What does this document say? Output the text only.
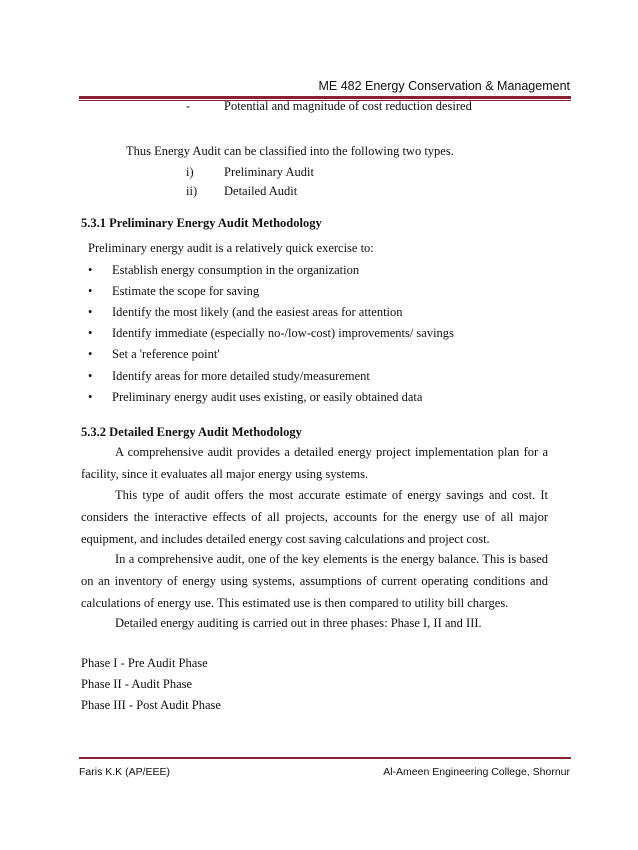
ME 482 Energy Conservation & Management
-	Potential and magnitude of cost reduction desired
Thus Energy Audit can be classified into the following two types.
i) Preliminary Audit
ii) Detailed Audit
5.3.1 Preliminary Energy Audit Methodology
Preliminary energy audit is a relatively quick exercise to:
• Establish energy consumption in the organization
• Estimate the scope for saving
• Identify the most likely (and the easiest areas for attention
• Identify immediate (especially no-/low-cost) improvements/ savings
• Set a 'reference point'
• Identify areas for more detailed study/measurement
• Preliminary energy audit uses existing, or easily obtained data
5.3.2 Detailed Energy Audit Methodology

A comprehensive audit provides a detailed energy project implementation plan for a facility, since it evaluates all major energy using systems.

This type of audit offers the most accurate estimate of energy savings and cost. It considers the interactive effects of all projects, accounts for the energy use of all major equipment, and includes detailed energy cost saving calculations and project cost.

In a comprehensive audit, one of the key elements is the energy balance. This is based on an inventory of energy using systems, assumptions of current operating conditions and calculations of energy use. This estimated use is then compared to utility bill charges.

Detailed energy auditing is carried out in three phases: Phase I, II and III.

Phase I - Pre Audit Phase
Phase II - Audit Phase
Phase III - Post Audit Phase
Faris K.K (AP/EEE)	Al-Ameen Engineering College, Shornur
